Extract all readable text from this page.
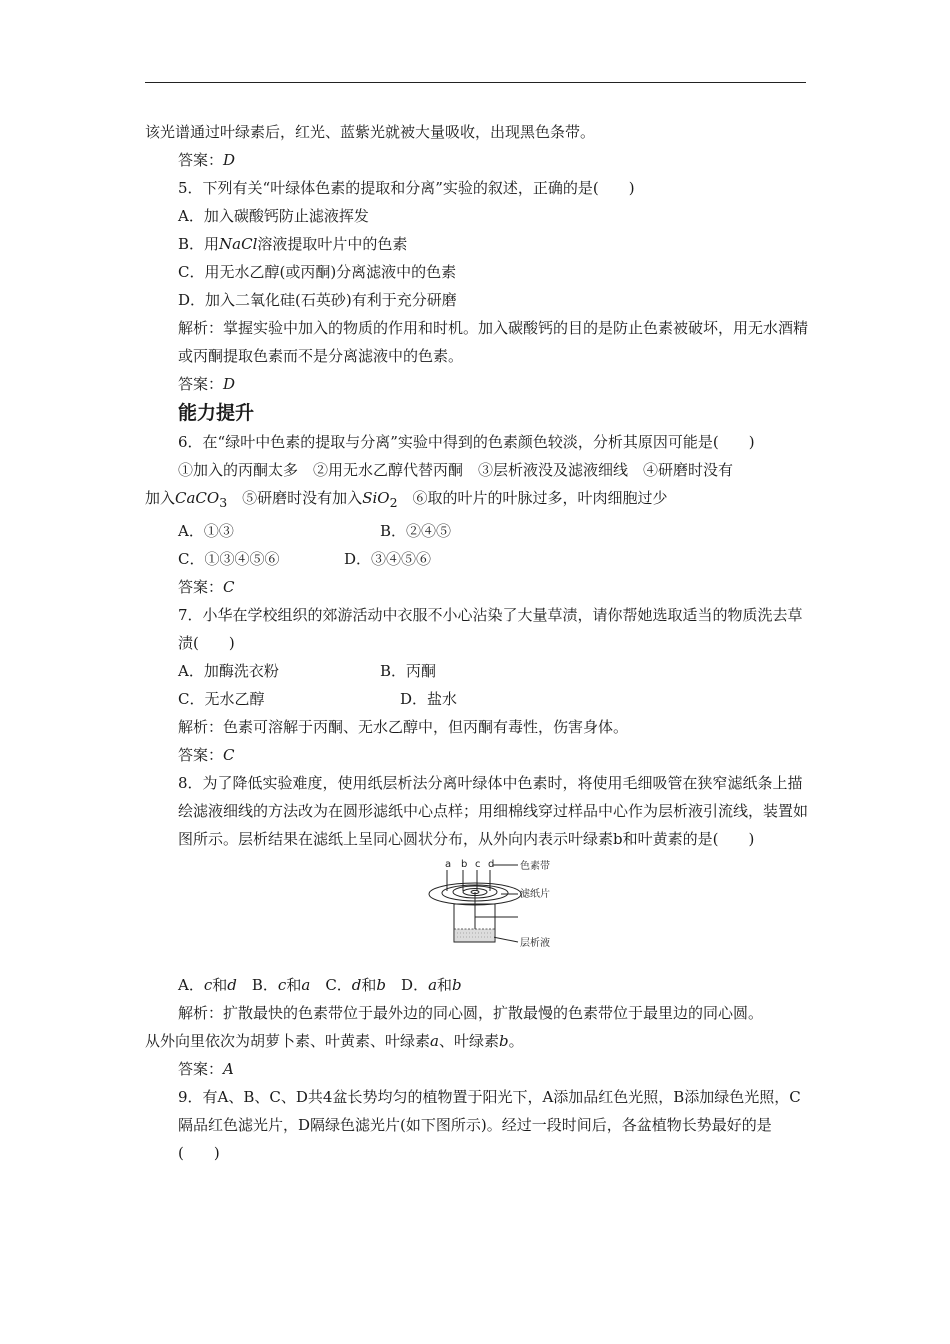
该光谱通过叶绿素后，红光、蓝紫光就被大量吸收，出现黑色条带。

答案：D

5．下列有关“叶绿体色素的提取和分离”实验的叙述，正确的是(　　)

A．加入碳酸钙防止滤液挥发

B．用NaCl溶液提取叶片中的色素

C．用无水乙醇(或丙酮)分离滤液中的色素

D．加入二氧化硅(石英砂)有利于充分研磨

解析：掌握实验中加入的物质的作用和时机。加入碳酸钙的目的是防止色素被破坏，用无水酒精或丙酮提取色素而不是分离滤液中的色素。

答案：D

能力提升

6．在“绿叶中色素的提取与分离”实验中得到的色素颜色较淡，分析其原因可能是(　　)

①加入的丙酮太多　②用无水乙醇代替丙酮　③层析液没及滤液细线　④研磨时没有

加入CaCO$_3$　⑤研磨时没有加入SiO$_2$　⑥取的叶片的叶脉过多，叶肉细胞过少

A．①③	B．②④⑤
C．①③④⑤⑥	D．③④⑤⑥

答案：C

7．小华在学校组织的郊游活动中衣服不小心沾染了大量草渍，请你帮她选取适当的物质洗去草渍(　　)

A．加酶洗衣粉	B．丙酮
C．无水乙醇	D．盐水

解析：色素可溶解于丙酮、无水乙醇中，但丙酮有毒性，伤害身体。

答案：C

8．为了降低实验难度，使用纸层析法分离叶绿体中色素时，将使用毛细吸管在狭窄滤纸条上描绘滤液细线的方法改为在圆形滤纸中心点样；用细棉线穿过样品中心作为层析液引流线，装置如图所示。层析结果在滤纸上呈同心圆状分布，从外向内表示叶绿素b和叶黄素的是(　　)

a b c d	色素带
滤纸片
层析液

A．c和d　 B．c和a　 C．d和b　 D．a和b

解析：扩散最快的色素带位于最外边的同心圆，扩散最慢的色素带位于最里边的同心圆。

从外向里依次为胡萝卜素、叶黄素、叶绿素a、叶绿素b。

答案：A

9．有A、B、C、D共4盆长势均匀的植物置于阳光下，A添加品红色光照，B添加绿色光照，C隔品红色滤光片，D隔绿色滤光片(如下图所示)。经过一段时间后，各盆植物长势最好的是(　　)
